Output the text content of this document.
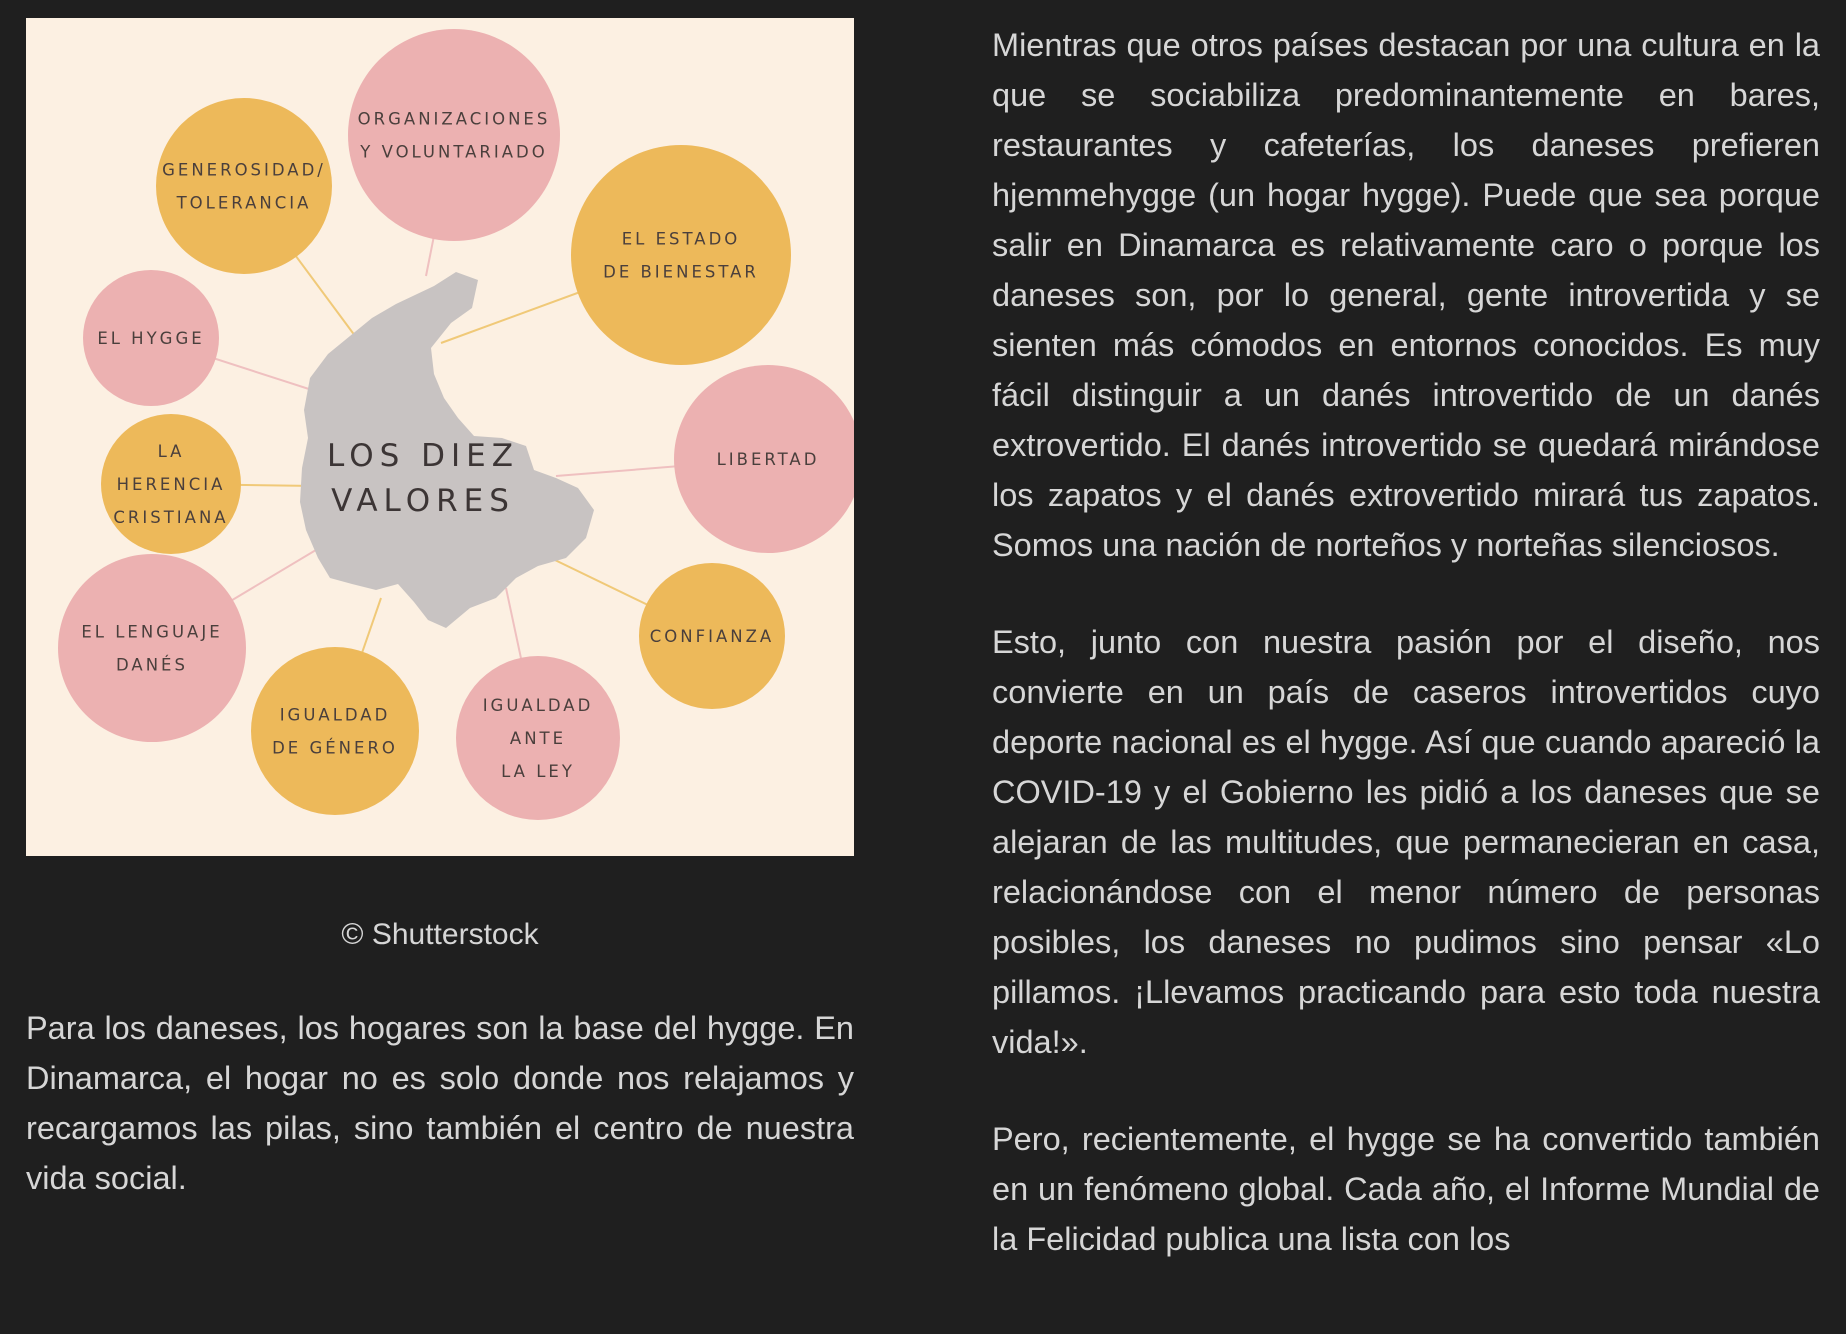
GENEROSIDAD/
TOLERANCIA
ORGANIZACIONES
Y VOLUNTARIADO
EL ESTADO
DE BIENESTAR
EL HYGGE
LIBERTAD
LA
HERENCIA
CRISTIANA
CONFIANZA
EL LENGUAJE
DANÉS
IGUALDAD
DE GÉNERO
IGUALDAD
ANTE
LA LEY
LOS DIEZ
VALORES
© Shutterstock

Para los daneses, los hogares son la base del hygge. En Dinamarca, el hogar no es solo donde nos relajamos y recargamos las pilas, sino también el centro de nuestra vida social.

Mientras que otros países destacan por una cultura en la que se sociabiliza predominantemente en bares, restaurantes y cafeterías, los daneses prefieren hjemmehygge (un hogar hygge). Puede que sea porque salir en Dinamarca es relativamente caro o porque los daneses son, por lo general, gente introvertida y se sienten más cómodos en entornos conocidos. Es muy fácil distinguir a un danés introvertido de un danés extrovertido. El danés introvertido se quedará mirándose los zapatos y el danés extrovertido mirará tus zapatos. Somos una nación de norteños y norteñas silenciosos.

Esto, junto con nuestra pasión por el diseño, nos convierte en un país de caseros introvertidos cuyo deporte nacional es el hygge. Así que cuando apareció la COVID-19 y el Gobierno les pidió a los daneses que se alejaran de las multitudes, que permanecieran en casa, relacionándose con el menor número de personas posibles, los daneses no pudimos sino pensar «Lo pillamos. ¡Llevamos practicando para esto toda nuestra vida!».

Pero, recientemente, el hygge se ha convertido también en un fenómeno global. Cada año, el Informe Mundial de la Felicidad publica una lista con los
